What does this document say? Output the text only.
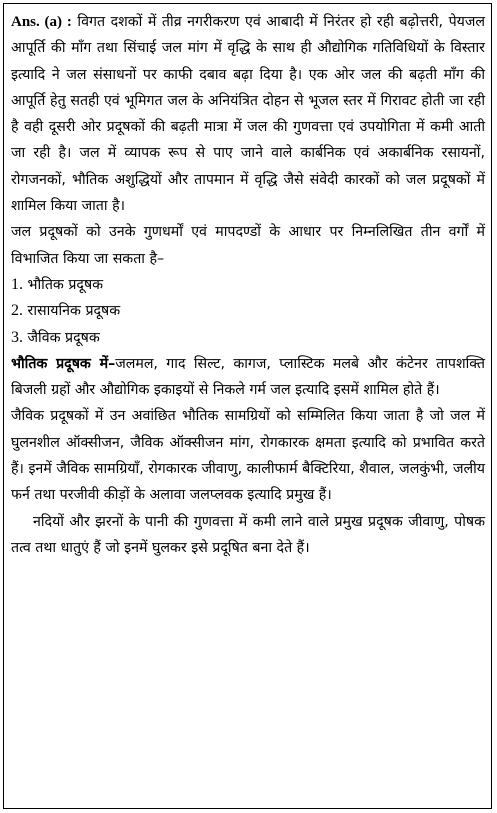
Ans. (a) : विगत दशकों में तीव्र नगरीकरण एवं आबादी में निरंतर हो रही बढ़ोत्तरी, पेयजल आपूर्ति की माँग तथा सिंचाई जल मांग में वृद्धि के साथ ही औद्योगिक गतिविधियों के विस्तार इत्यादि ने जल संसाधनों पर काफी दबाव बढ़ा दिया है। एक ओर जल की बढ़ती माँग की आपूर्ति हेतु सतही एवं भूमिगत जल के अनियंत्रित दोहन से भूजल स्तर में गिरावट होती जा रही है वही दूसरी ओर प्रदूषकों की बढ़ती मात्रा में जल की गुणवत्ता एवं उपयोगिता में कमी आती जा रही है। जल में व्यापक रूप से पाए जाने वाले कार्बनिक एवं अकार्बनिक रसायनों, रोगजनकों, भौतिक अशुद्धियों और तापमान में वृद्धि जैसे संवेदी कारकों को जल प्रदूषकों में शामिल किया जाता है।

जल प्रदूषकों को उनके गुणधर्मों एवं मापदण्डों के आधार पर निम्नलिखित तीन वर्गों में विभाजित किया जा सकता है–

1. भौतिक प्रदूषक
2. रासायनिक प्रदूषक
3. जैविक प्रदूषक

भौतिक प्रदूषक में–जलमल, गाद सिल्ट, कागज, प्लास्टिक मलबे और कंटेनर तापशक्ति बिजली ग्रहों और औद्योगिक इकाइयों से निकले गर्म जल इत्यादि इसमें शामिल होते हैं।

जैविक प्रदूषकों में उन अवांछित भौतिक सामग्रियों को सम्मिलित किया जाता है जो जल में घुलनशील ऑक्सीजन, जैविक ऑक्सीजन मांग, रोगकारक क्षमता इत्यादि को प्रभावित करते हैं। इनमें जैविक सामग्रियाँ, रोगकारक जीवाणु, कालीफार्म बैक्टिरिया, शैवाल, जलकुंभी, जलीय फर्न तथा परजीवी कीड़ों के अलावा जलप्लवक इत्यादि प्रमुख हैं।

नदियों और झरनों के पानी की गुणवत्ता में कमी लाने वाले प्रमुख प्रदूषक जीवाणु, पोषक तत्व तथा धातुएं हैं जो इनमें घुलकर इसे प्रदूषित बना देते हैं।
